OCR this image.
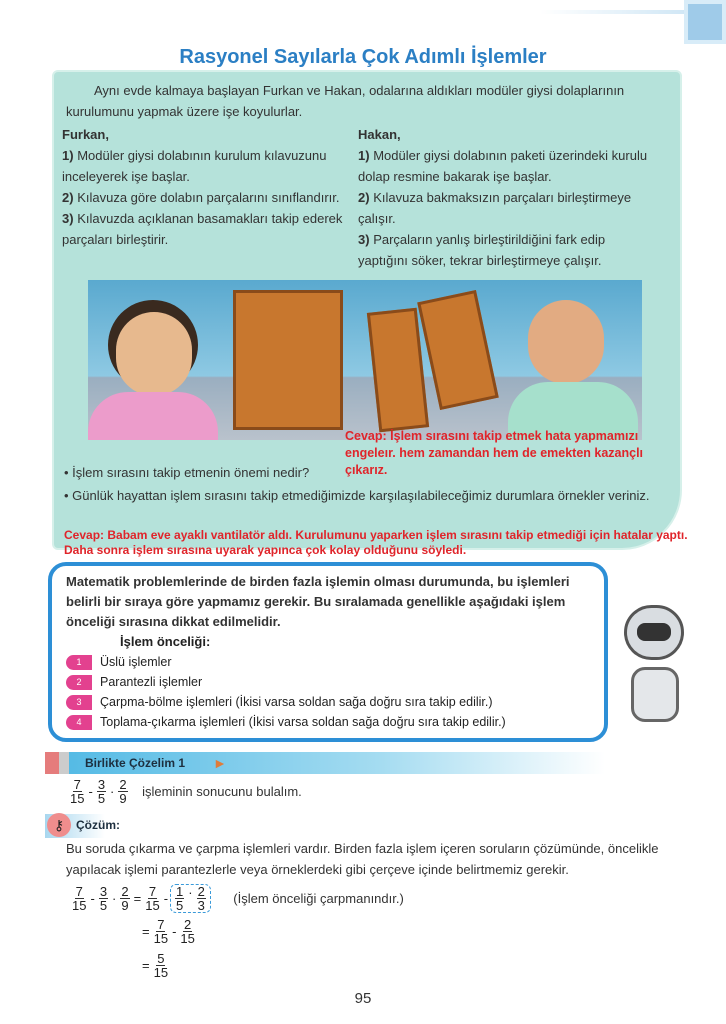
Rasyonel Sayılarla Çok Adımlı İşlemler
Aynı evde kalmaya başlayan Furkan ve Hakan, odalarına aldıkları modüler giysi dolaplarının kurulumunu yapmak üzere işe koyulurlar.
Furkan,
1) Modüler giysi dolabının kurulum kılavuzunu inceleyerek işe başlar.
2) Kılavuza göre dolabın parçalarını sınıflandırır.
3) Kılavuzda açıklanan basamakları takip ederek parçaları birleştirir.
Hakan,
1) Modüler giysi dolabının paketi üzerindeki kurulu dolap resmine bakarak işe başlar.
2) Kılavuza bakmaksızın parçaları birleştirmeye çalışır.
3) Parçaların yanlış birleştirildiğini fark edip yaptığını söker, tekrar birleştirmeye çalışır.
Cevap: İşlem sırasını takip etmek hata yapmamızı engeleır. hem zamandan hem de emekten kazançlı çıkarız.
• İşlem sırasını takip etmenin önemi nedir?
• Günlük hayattan işlem sırasını takip etmediğimizde karşılaşılabileceğimiz durumlara örnekler veriniz.
Cevap: Babam eve ayaklı vantilatör aldı. Kurulumunu yaparken işlem sırasını takip etmediği için hatalar yaptı. Daha sonra işlem sırasına uyarak yapınca çok kolay olduğunu söyledi.
Matematik problemlerinde de birden fazla işlemin olması durumunda, bu işlemleri belirli bir sıraya göre yapmamız gerekir. Bu sıralamada genellikle aşağıdaki işlem önceliği sırasına dikkat edilmelidir.
İşlem önceliği:
1 Üslü işlemler
2 Parantezli işlemler
3 Çarpma-bölme işlemleri (İkisi varsa soldan sağa doğru sıra takip edilir.)
4 Toplama-çıkarma işlemleri (İkisi varsa soldan sağa doğru sıra takip edilir.)
Birlikte Çözelim 1 ►
$\frac{7}{15} - \frac{3}{5} \cdot \frac{2}{9}$ işleminin sonucunu bulalım.
⚷ Çözüm:
Bu soruda çıkarma ve çarpma işlemleri vardır. Birden fazla işlem içeren soruların çözümünde, öncelikle yapılacak işlemi parantezlerle veya örneklerdeki gibi çerçeve içinde belirtmemiz gerekir.
$\frac{7}{15} - \frac{3}{5} \cdot \frac{2}{9} = \frac{7}{15} - 1$
5
· 2
3 (İşlem önceliği çarpmanındır.)
= $\frac{7}{15} - \frac{2}{15}$
= $\frac{5}{15}$
95
